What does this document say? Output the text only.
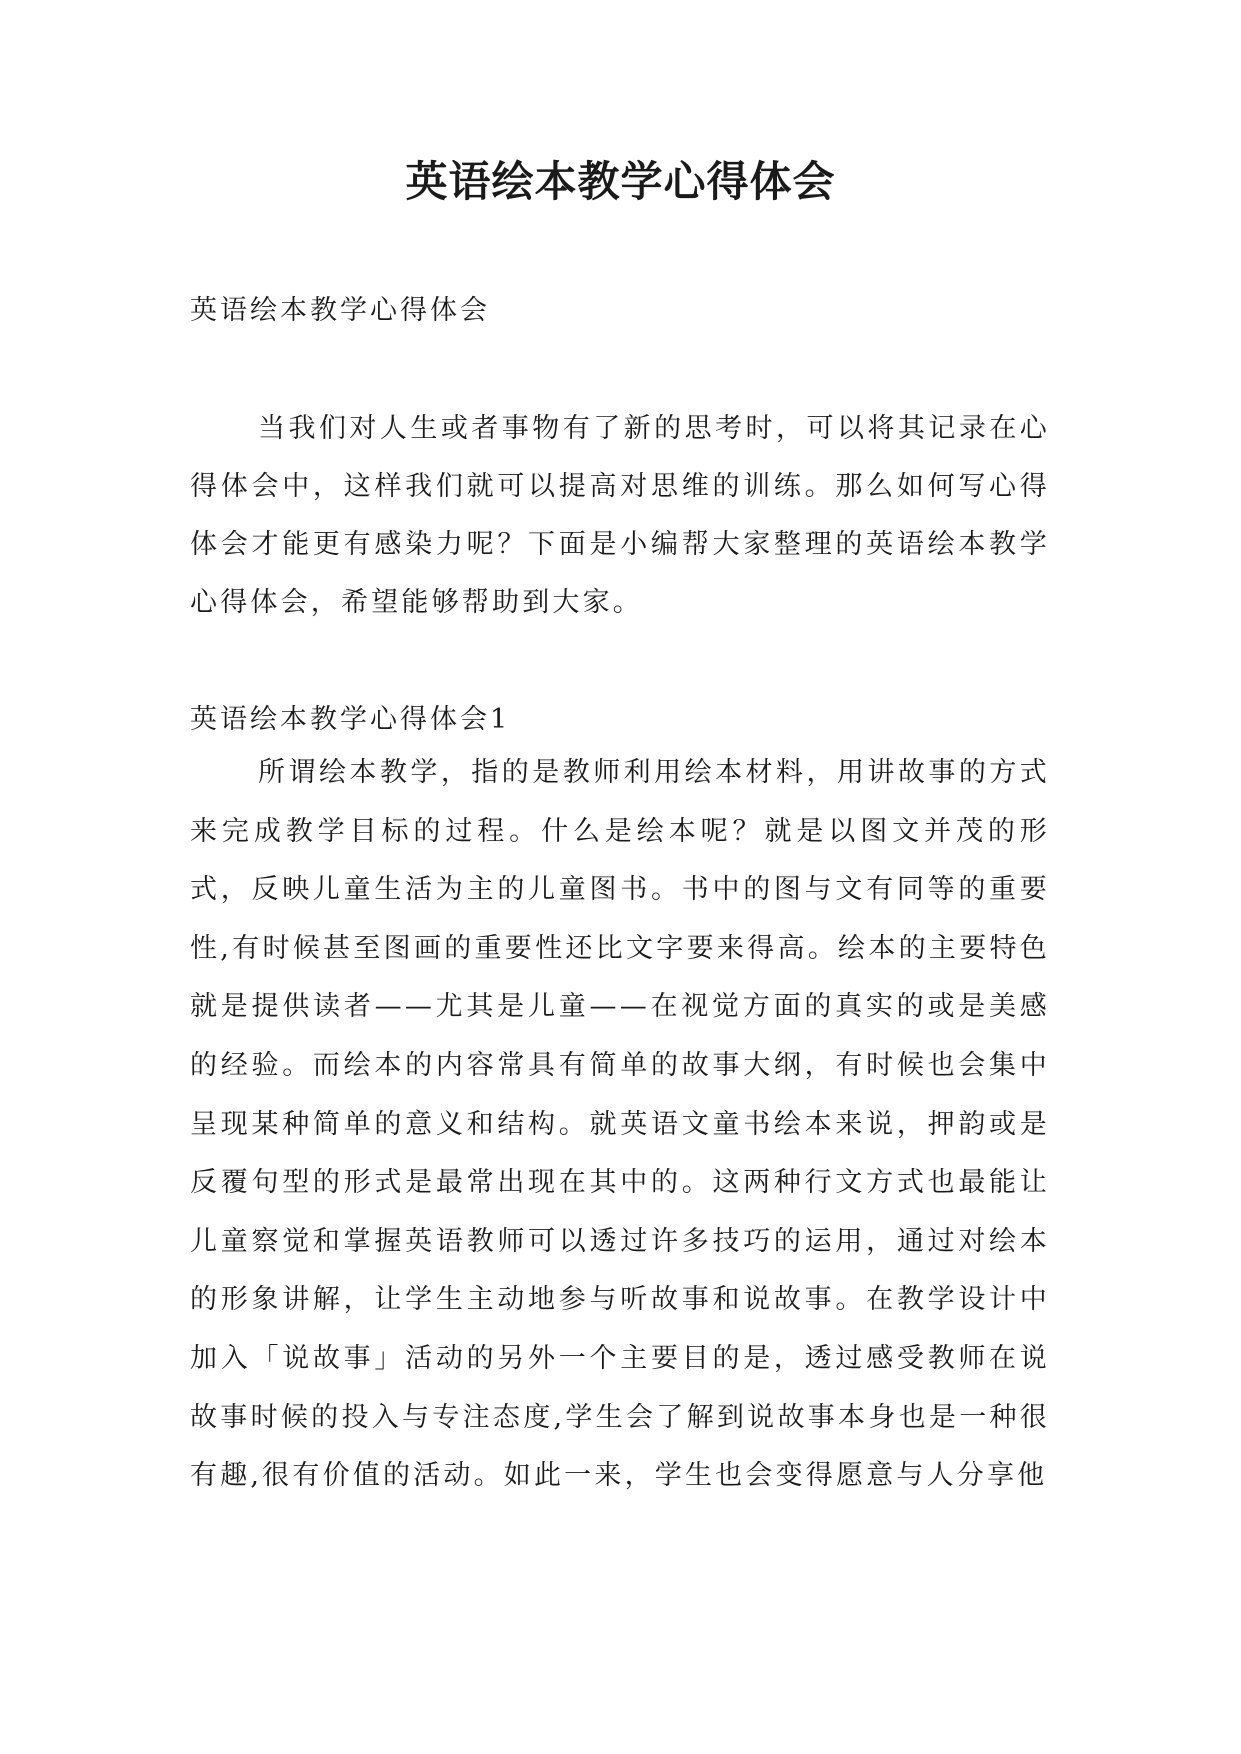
英语绘本教学心得体会

英语绘本教学心得体会

当我们对人生或者事物有了新的思考时，可以将其记录在心得体会中，这样我们就可以提高对思维的训练。那么如何写心得体会才能更有感染力呢？下面是小编帮大家整理的英语绘本教学心得体会，希望能够帮助到大家。

英语绘本教学心得体会1

所谓绘本教学，指的是教师利用绘本材料，用讲故事的方式来完成教学目标的过程。什么是绘本呢？就是以图文并茂的形式，反映儿童生活为主的儿童图书。书中的图与文有同等的重要性,有时候甚至图画的重要性还比文字要来得高。绘本的主要特色就是提供读者——尤其是儿童——在视觉方面的真实的或是美感的经验。而绘本的内容常具有简单的故事大纲，有时候也会集中呈现某种简单的意义和结构。就英语文童书绘本来说，押韵或是反覆句型的形式是最常出现在其中的。这两种行文方式也最能让儿童察觉和掌握英语教师可以透过许多技巧的运用，通过对绘本的形象讲解，让学生主动地参与听故事和说故事。在教学设计中加入「说故事」活动的另外一个主要目的是，透过感受教师在说故事时候的投入与专注态度,学生会了解到说故事本身也是一种很有趣,很有价值的活动。如此一来，学生也会变得愿意与人分享他
